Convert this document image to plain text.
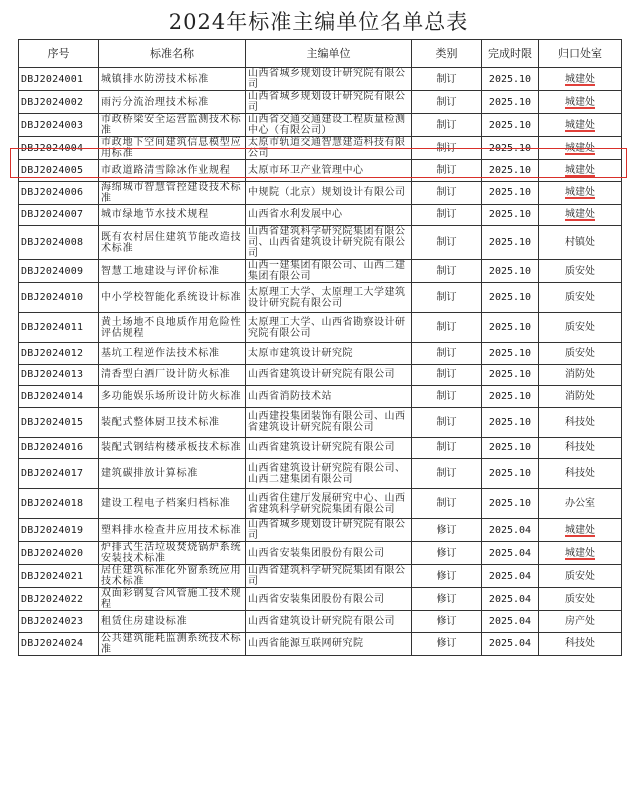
2024年标准主编单位名单总表
序号	标准名称	主编单位	类别	完成时限	归口处室
DBJ2024001	城镇排水防涝技术标准	山西省城乡规划设计研究院有限公司	制订	2025.10	城建处
DBJ2024002	雨污分流治理技术标准	山西省城乡规划设计研究院有限公司	制订	2025.10	城建处
DBJ2024003	市政桥梁安全运营监测技术标准	山西省交通交通建设工程质量检测中心（有限公司）	制订	2025.10	城建处
DBJ2024004	市政地下空间建筑信息模型应用标准	太原市轨道交通智慧建造科技有限公司	制订	2025.10	城建处
DBJ2024005	市政道路清雪除冰作业规程	太原市环卫产业管理中心	制订	2025.10	城建处
DBJ2024006	海绵城市智慧管控建设技术标准	中规院（北京）规划设计有限公司	制订	2025.10	城建处
DBJ2024007	城市绿地节水技术规程	山西省水利发展中心	制订	2025.10	城建处
DBJ2024008	既有农村居住建筑节能改造技术标准	山西省建筑科学研究院集团有限公司、山西省建筑设计研究院有限公司	制订	2025.10	村镇处
DBJ2024009	智慧工地建设与评价标准	山西一建集团有限公司、山西二建集团有限公司	制订	2025.10	质安处
DBJ2024010	中小学校智能化系统设计标准	太原理工大学、太原理工大学建筑设计研究院有限公司	制订	2025.10	质安处
DBJ2024011	黄土场地不良地质作用危险性评估规程	太原理工大学、山西省勘察设计研究院有限公司	制订	2025.10	质安处
DBJ2024012	基坑工程逆作法技术标准	太原市建筑设计研究院	制订	2025.10	质安处
DBJ2024013	清香型白酒厂设计防火标准	山西省建筑设计研究院有限公司	制订	2025.10	消防处
DBJ2024014	多功能娱乐场所设计防火标准	山西省消防技术站	制订	2025.10	消防处
DBJ2024015	装配式整体厨卫技术标准	山西建投集团装饰有限公司、山西省建筑设计研究院有限公司	制订	2025.10	科技处
DBJ2024016	装配式钢结构楼承板技术标准	山西省建筑设计研究院有限公司	制订	2025.10	科技处
DBJ2024017	建筑碳排放计算标准	山西省建筑设计研究院有限公司、山西二建集团有限公司	制订	2025.10	科技处
DBJ2024018	建设工程电子档案归档标准	山西省住建厅发展研究中心、山西省建筑科学研究院集团有限公司	制订	2025.10	办公室
DBJ2024019	塑料排水检查井应用技术标准	山西省城乡规划设计研究院有限公司	修订	2025.04	城建处
DBJ2024020	炉排式生活垃圾焚烧锅炉系统安装技术标准	山西省安装集团股份有限公司	修订	2025.04	城建处
DBJ2024021	居住建筑标准化外窗系统应用技术标准	山西省建筑科学研究院集团有限公司	修订	2025.04	质安处
DBJ2024022	双面彩钢复合风管施工技术规程	山西省安装集团股份有限公司	修订	2025.04	质安处
DBJ2024023	租赁住房建设标准	山西省建筑设计研究院有限公司	修订	2025.04	房产处
DBJ2024024	公共建筑能耗监测系统技术标准	山西省能源互联网研究院	修订	2025.04	科技处
